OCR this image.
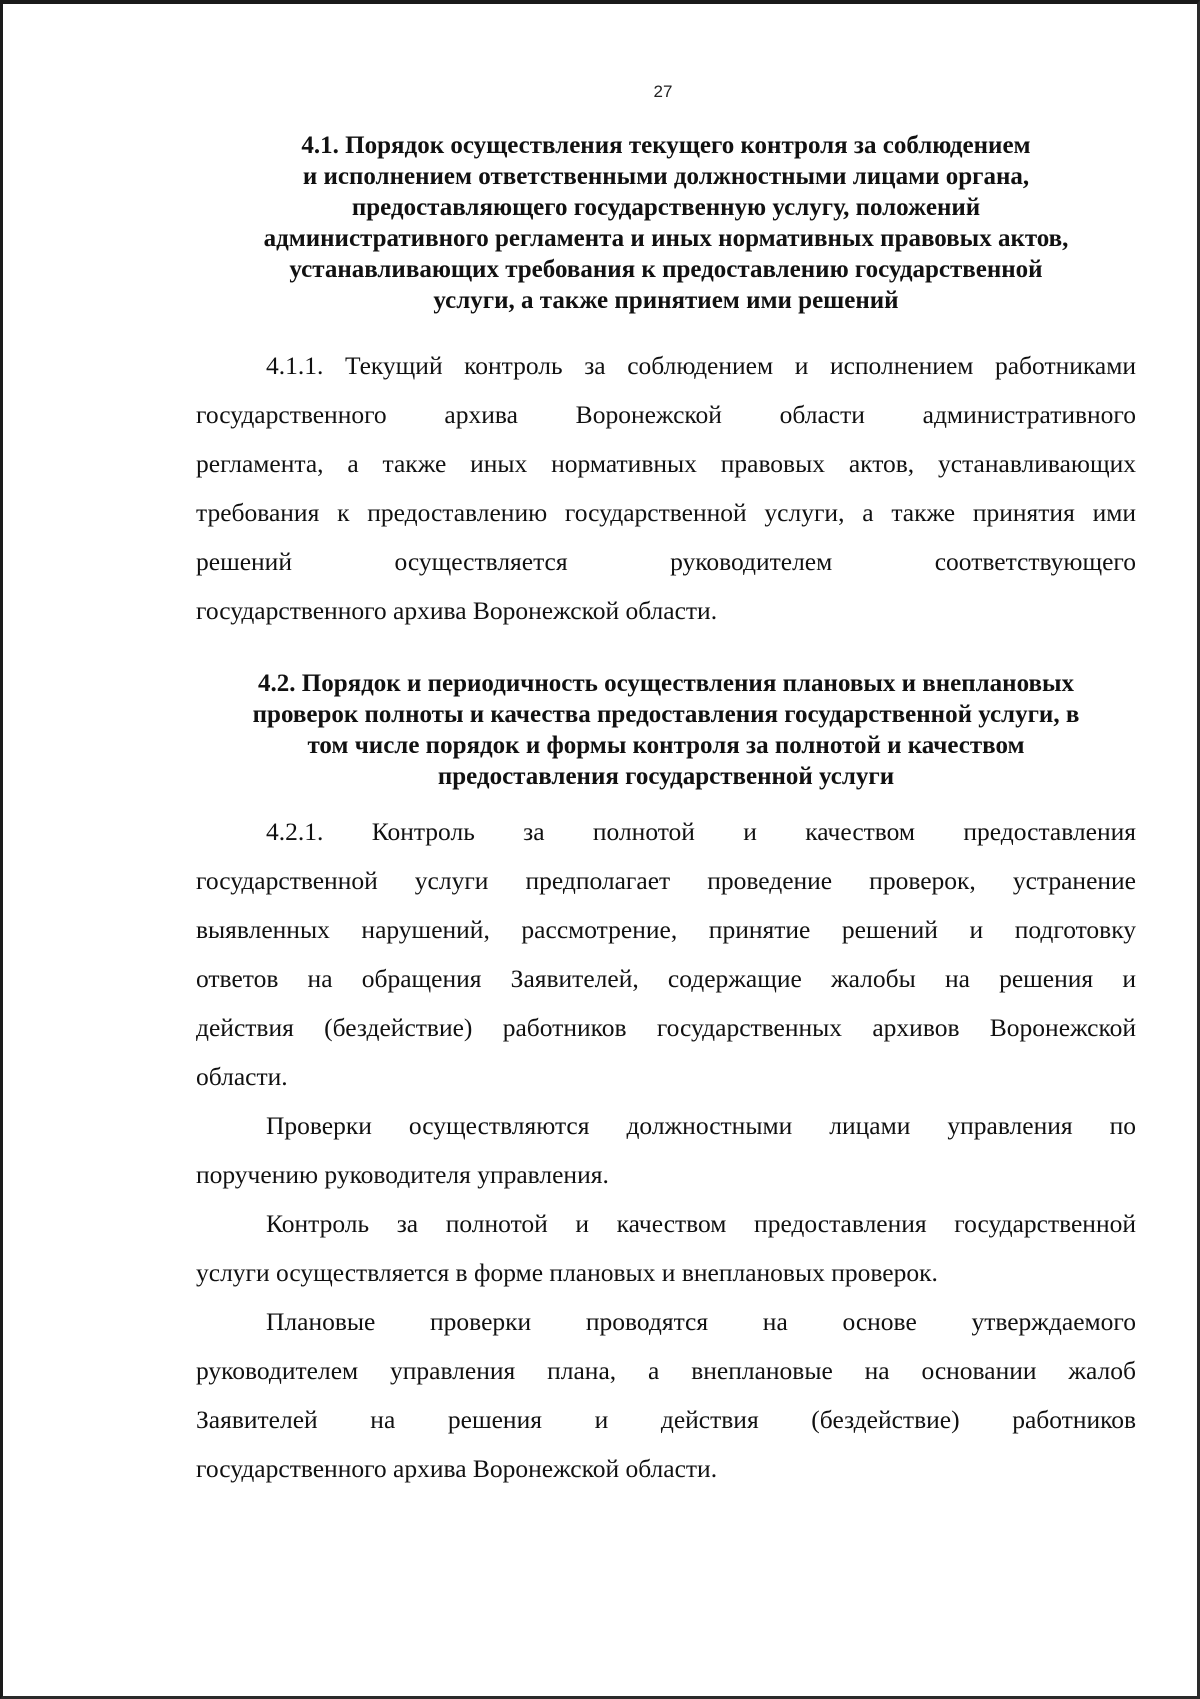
27
4.1. Порядок осуществления текущего контроля за соблюдением
и исполнением ответственными должностными лицами органа,
предоставляющего государственную услугу, положений
административного регламента и иных нормативных правовых актов,
устанавливающих требования к предоставлению государственной
услуги, а также принятием ими решений

4.1.1. Текущий контроль за соблюдением и исполнением работниками
государственного архива Воронежской области административного
регламента, а также иных нормативных правовых актов, устанавливающих
требования к предоставлению государственной услуги, а также принятия ими
решений осуществляется руководителем соответствующего
государственного архива Воронежской области.

4.2. Порядок и периодичность осуществления плановых и внеплановых
проверок полноты и качества предоставления государственной услуги, в
том числе порядок и формы контроля за полнотой и качеством
предоставления государственной услуги

4.2.1. Контроль за полнотой и качеством предоставления
государственной услуги предполагает проведение проверок, устранение
выявленных нарушений, рассмотрение, принятие решений и подготовку
ответов на обращения Заявителей, содержащие жалобы на решения и
действия (бездействие) работников государственных архивов Воронежской
области.

Проверки осуществляются должностными лицами управления по
поручению руководителя управления.

Контроль за полнотой и качеством предоставления государственной
услуги осуществляется в форме плановых и внеплановых проверок.

Плановые проверки проводятся на основе утверждаемого
руководителем управления плана, а внеплановые на основании жалоб
Заявителей на решения и действия (бездействие) работников
государственного архива Воронежской области.
